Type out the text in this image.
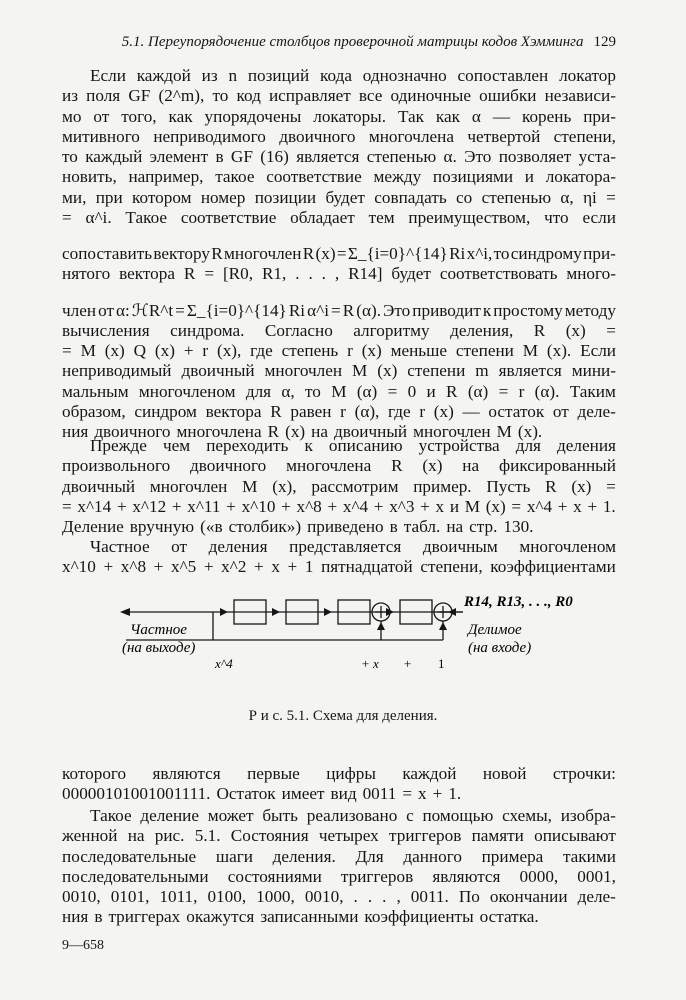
5.1. Переупорядочение столбцов проверочной матрицы кодов Хэмминга 129
Если каждой из n позиций кода однозначно сопоставлен локатор
из поля GF (2^m), то код исправляет все одиночные ошибки независи-
мо от того, как упорядочены локаторы. Так как α — корень пpи-
митивного неприводимого двоичного многочлена четвертой степени,
то каждый элемент в GF (16) является степенью α. Это позволяет уста-
новить, например, такое соответствие между позициями и локатора-
ми, при котором номер позиции будет совпадать со степенью α, ηi =
= α^i. Такое соответствие обладает тем преимуществом, что если
сопоставить вектору R многочлен R (x) = Σ_{i=0}^{14} Ri x^i, то синдрому при-
нятого вектора R = [R0, R1, . . . , R14] будет соответствовать много-
член от α: ℋR^t = Σ_{i=0}^{14} Ri α^i = R (α). Это приводит к простому методу
вычисления синдрома. Согласно алгоритму деления, R (x) =
= M (x) Q (x) + r (x), где степень r (x) меньше степени M (x). Если
неприводимый двоичный многочлен M (x) степени m является мини-
мальным многочленом для α, то M (α) = 0 и R (α) = r (α). Таким
образом, синдром вектора R равен r (α), где r (x) — остаток от деле-
ния двоичного многочлена R (x) на двоичный многочлен M (x).
Прежде чем переходить к описанию устройства для деления
произвольного двоичного многочлена R (x) на фиксированный
двоичный многочлен M (x), рассмотрим пример. Пусть R (x) =
= x^14 + x^12 + x^11 + x^10 + x^8 + x^4 + x^3 + x и M (x) = x^4 + x + 1.
Деление вручную («в столбик») приведено в табл. на стр. 130.
Частное от деления представляется двоичным многочленом
x^10 + x^8 + x^5 + x^2 + x + 1 пятнадцатой степени, коэффициентами
R14, R13, . . ., R0
Частное
(на выходе)
Делимое
(на входе)
x^4	+ x + 1
Р и с. 5.1. Схема для деления.
которого являются первые цифры каждой новой строчки:
00000101001001111. Остаток имеет вид 0011 = x + 1.
Такое деление может быть реализовано с помощью схемы, изобра-
женной на рис. 5.1. Состояния четырех триггеров памяти описывают
последовательные шаги деления. Для данного примера такими
последовательными состояниями триггеров являются 0000, 0001,
0010, 0101, 1011, 0100, 1000, 0010, . . . , 0011. По окончании деле-
ния в триггерах окажутся записанными коэффициенты остатка.
9—658
